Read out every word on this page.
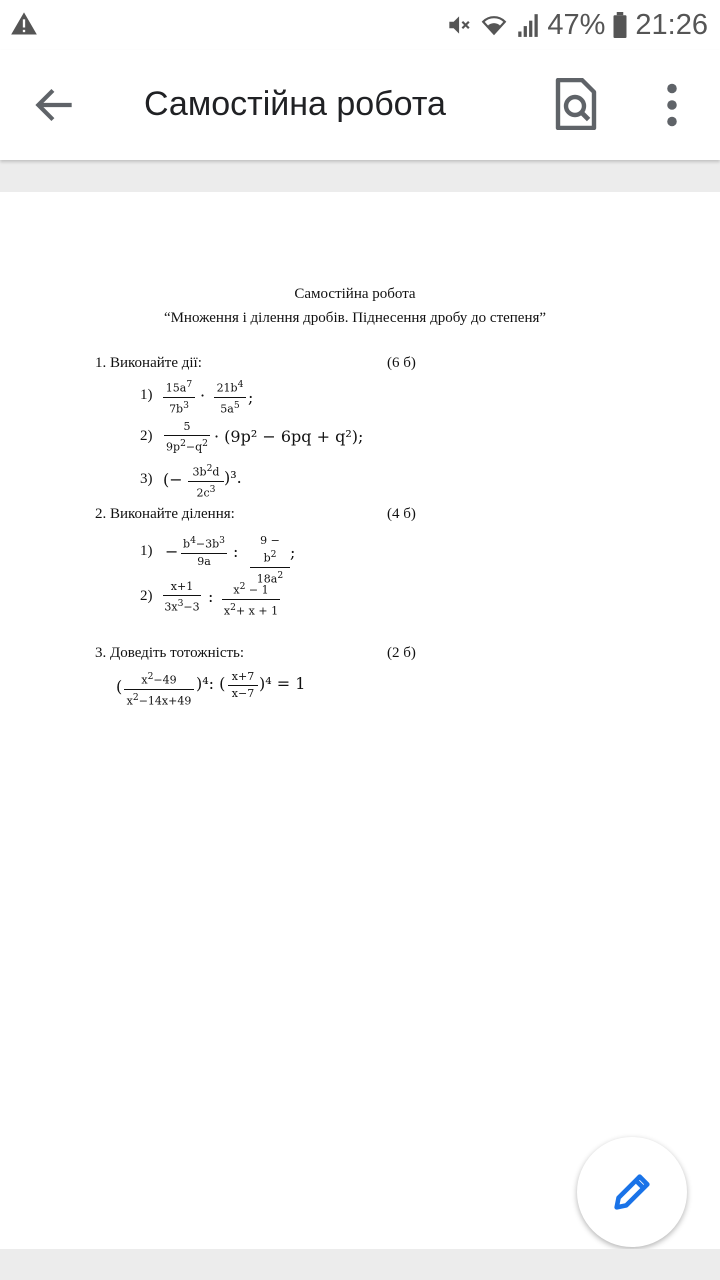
47% 21:26
Самостійна робота
Самостійна робота
“Множення і ділення дробів. Піднесення дробу до степеня”
1. Виконайте дії:	(6 б)
1) $15a^7$
$7b^3$
· $21b^4$
$5a^5$ ;
2)
5
$9p^2-q^2 \cdot (9p^2 - 6pq + q^2)$;
3) (− $3b^2d$
$2c^3$
)³.
2. Виконайте ділення:	(4 б)
$1) - b^4-3b^3$
9a
:
$9 - b^2$
$18a^2$
;
2)
x+1
$3x^3-3$
:	$x^2 - 1$
$x^2+ x + 1$
3. Доведіть тотожність:	(2 б)
(	$x^2-49$
$x^2-14x+49$
)⁴: ( x+7
x−7
)⁴ = 1
